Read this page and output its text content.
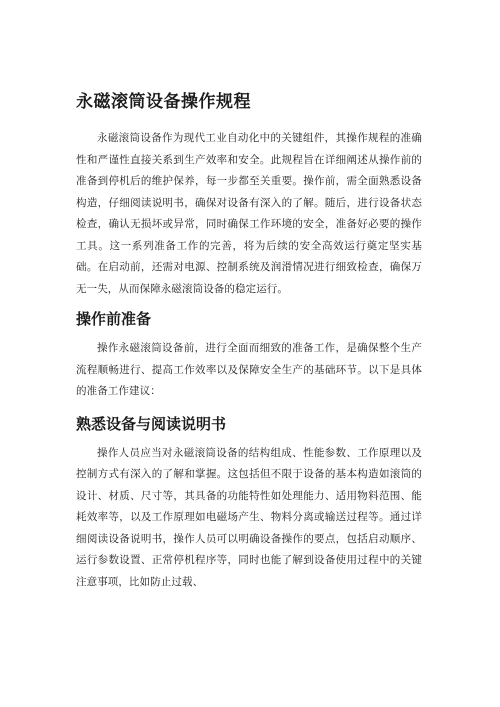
永磁滚筒设备操作规程

永磁滚筒设备作为现代工业自动化中的关键组件，其操作规程的准确性和严谨性直接关系到生产效率和安全。此规程旨在详细阐述从操作前的准备到停机后的维护保养，每一步都至关重要。操作前，需全面熟悉设备构造，仔细阅读说明书，确保对设备有深入的了解。随后，进行设备状态检查，确认无损坏或异常，同时确保工作环境的安全，准备好必要的操作工具。这一系列准备工作的完善，将为后续的安全高效运行奠定坚实基础。在启动前，还需对电源、控制系统及润滑情况进行细致检查，确保万无一失，从而保障永磁滚筒设备的稳定运行。

操作前准备

操作永磁滚筒设备前，进行全面而细致的准备工作，是确保整个生产流程顺畅进行、提高工作效率以及保障安全生产的基础环节。以下是具体的准备工作建议：

熟悉设备与阅读说明书

操作人员应当对永磁滚筒设备的结构组成、性能参数、工作原理以及控制方式有深入的了解和掌握。这包括但不限于设备的基本构造如滚筒的设计、材质、尺寸等，其具备的功能特性如处理能力、适用物料范围、能耗效率等，以及工作原理如电磁场产生、物料分离或输送过程等。通过详细阅读设备说明书，操作人员可以明确设备操作的要点，包括启动顺序、运行参数设置、正常停机程序等，同时也能了解到设备使用过程中的关键注意事项，比如防止过载、
